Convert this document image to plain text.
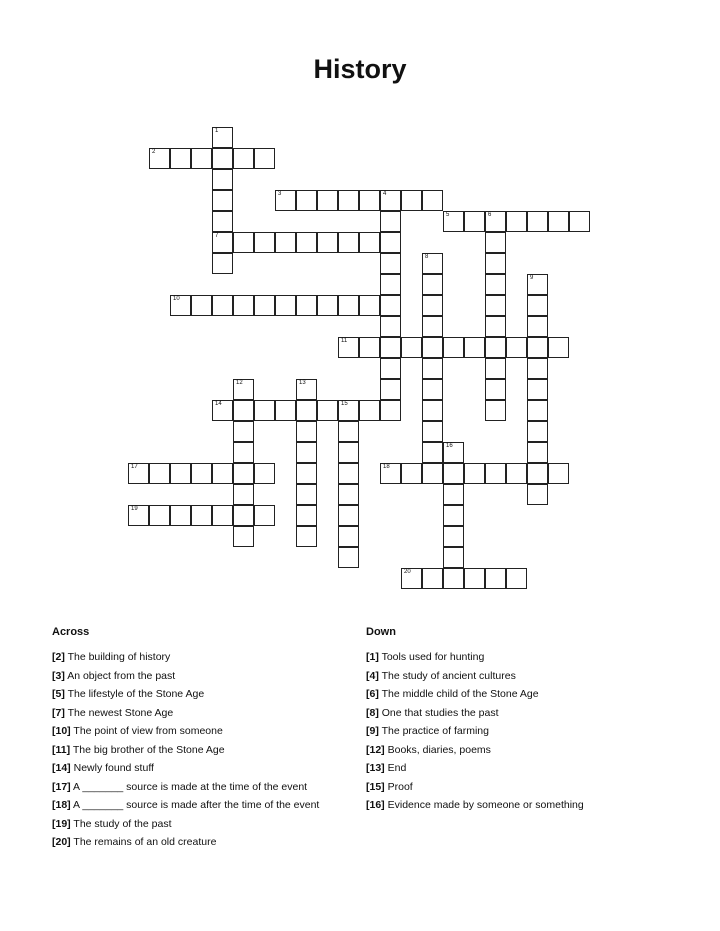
History
1
7
2
3	4
5	6
8
9
10
11
12	13
14	15
16
17	18
19
20
Across
[2] The building of history
[3] An object from the past
[5] The lifestyle of the Stone Age
[7] The newest Stone Age
[10] The point of view from someone
[11] The big brother of the Stone Age
[14] Newly found stuff
[17] A _______ source is made at the time of the event
[18] A _______ source is made after the time of the event
[19] The study of the past
[20] The remains of an old creature
Down
[1] Tools used for hunting
[4] The study of ancient cultures
[6] The middle child of the Stone Age
[8] One that studies the past
[9] The practice of farming
[12] Books, diaries, poems
[13] End
[15] Proof
[16] Evidence made by someone or something
